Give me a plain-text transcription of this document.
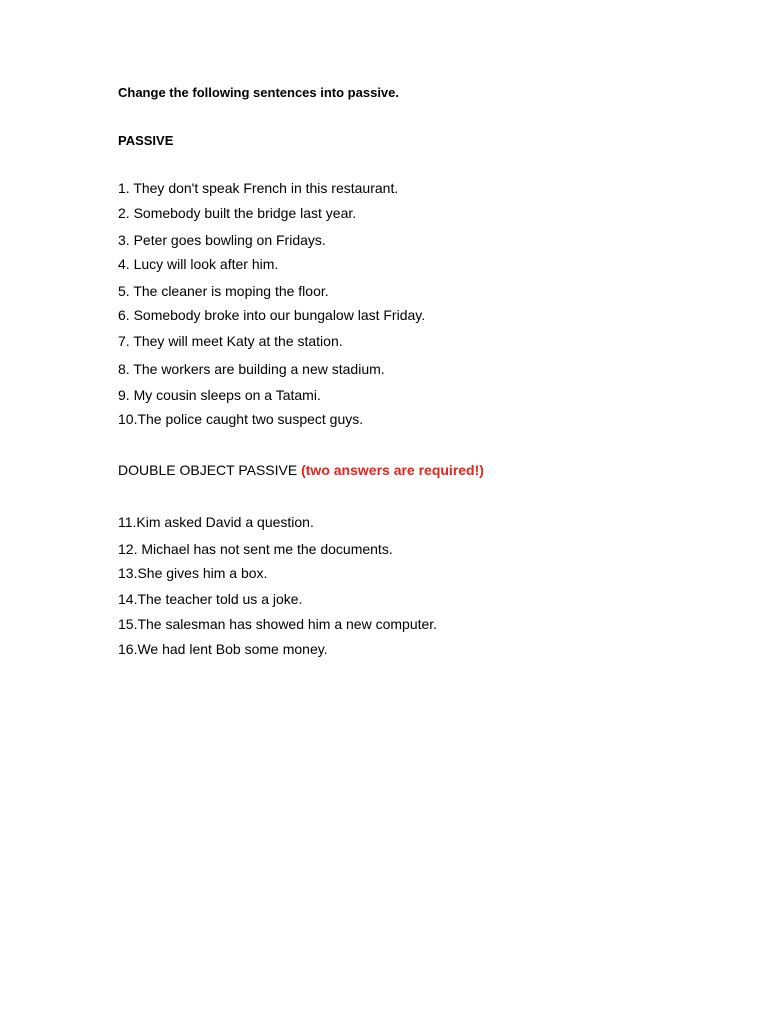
Change the following sentences into passive.
PASSIVE
1. They don't speak French in this restaurant.
2. Somebody built the bridge last year.
3. Peter goes bowling on Fridays.
4. Lucy will look after him.
5. The cleaner is moping the floor.
6. Somebody broke into our bungalow last Friday.
7. They will meet Katy at the station.
8. The workers are building a new stadium.
9. My cousin sleeps on a Tatami.
10.The police caught two suspect guys.
DOUBLE OBJECT PASSIVE (two answers are required!)
11.Kim asked David a question.
12. Michael has not sent me the documents.
13.She gives him a box.
14.The teacher told us a joke.
15.The salesman has showed him a new computer.
16.We had lent Bob some money.
